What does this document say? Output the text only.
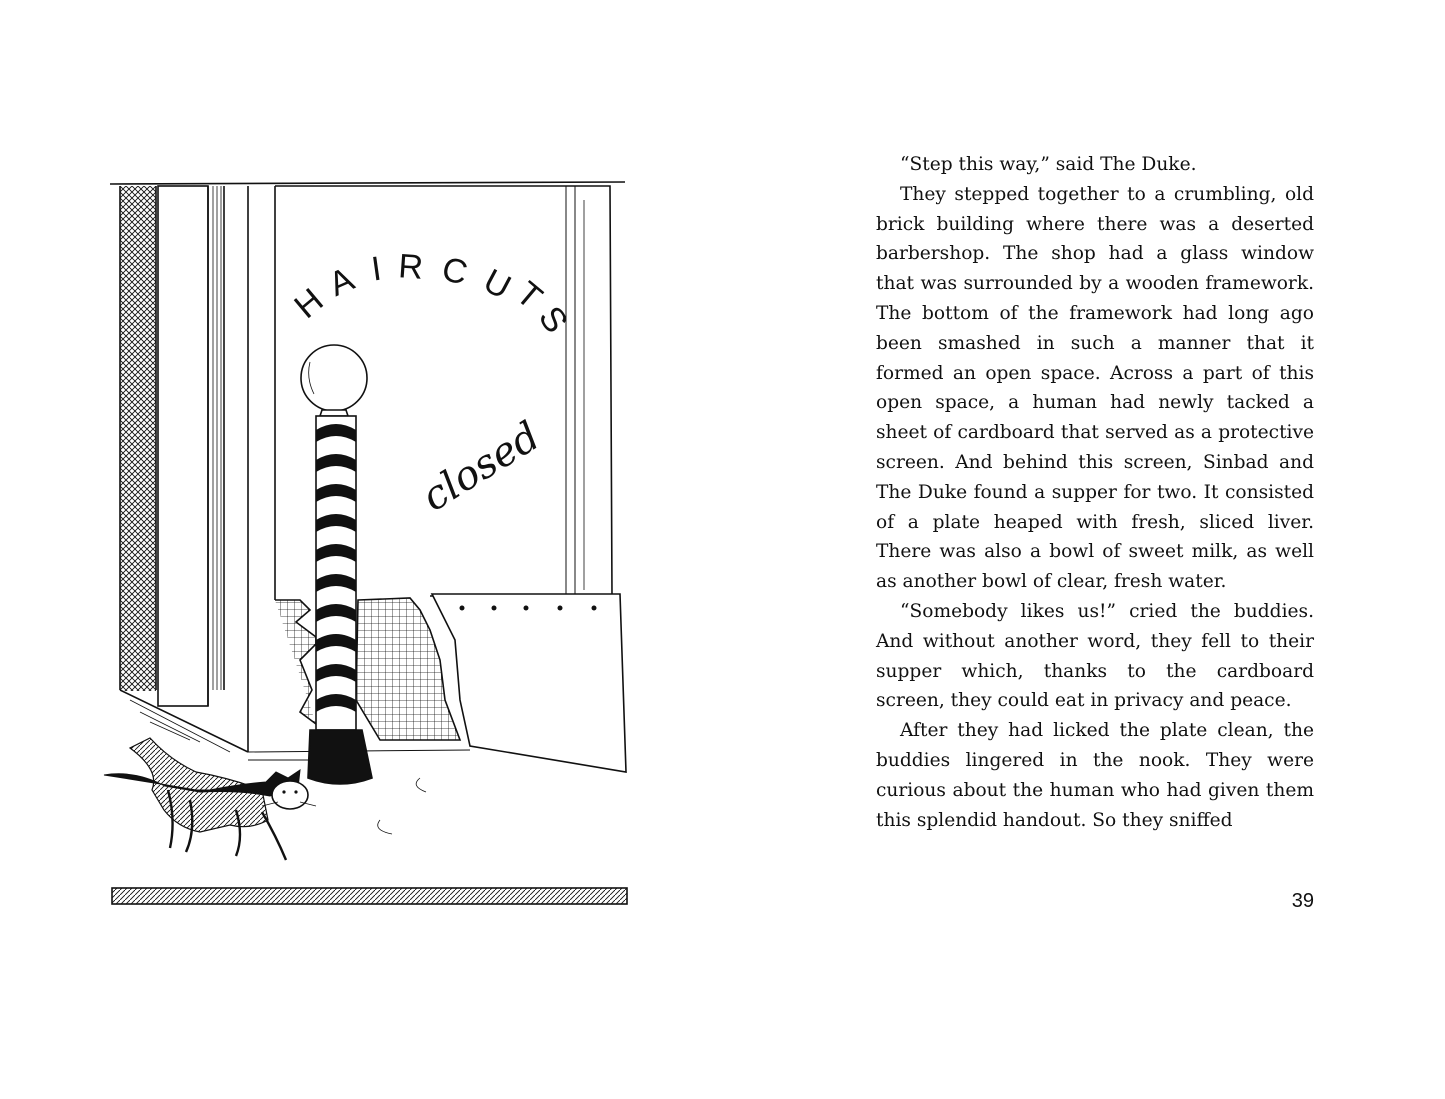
H
A I R C U
T
S
closed

“Step this way,” said The Duke.

They stepped together to a crumbling, old brick building where there was a deserted barbershop. The shop had a glass window that was surrounded by a wooden framework. The bottom of the framework had long ago been smashed in such a manner that it formed an open space. Across a part of this open space, a human had newly tacked a sheet of cardboard that served as a protective screen. And behind this screen, Sinbad and The Duke found a supper for two. It consisted of a plate heaped with fresh, sliced liver. There was also a bowl of sweet milk, as well as another bowl of clear, fresh water.

“Somebody likes us!” cried the buddies. And without another word, they fell to their supper which, thanks to the cardboard screen, they could eat in privacy and peace.

After they had licked the plate clean, the buddies lingered in the nook. They were curious about the human who had given them this splendid handout. So they sniffed

39
